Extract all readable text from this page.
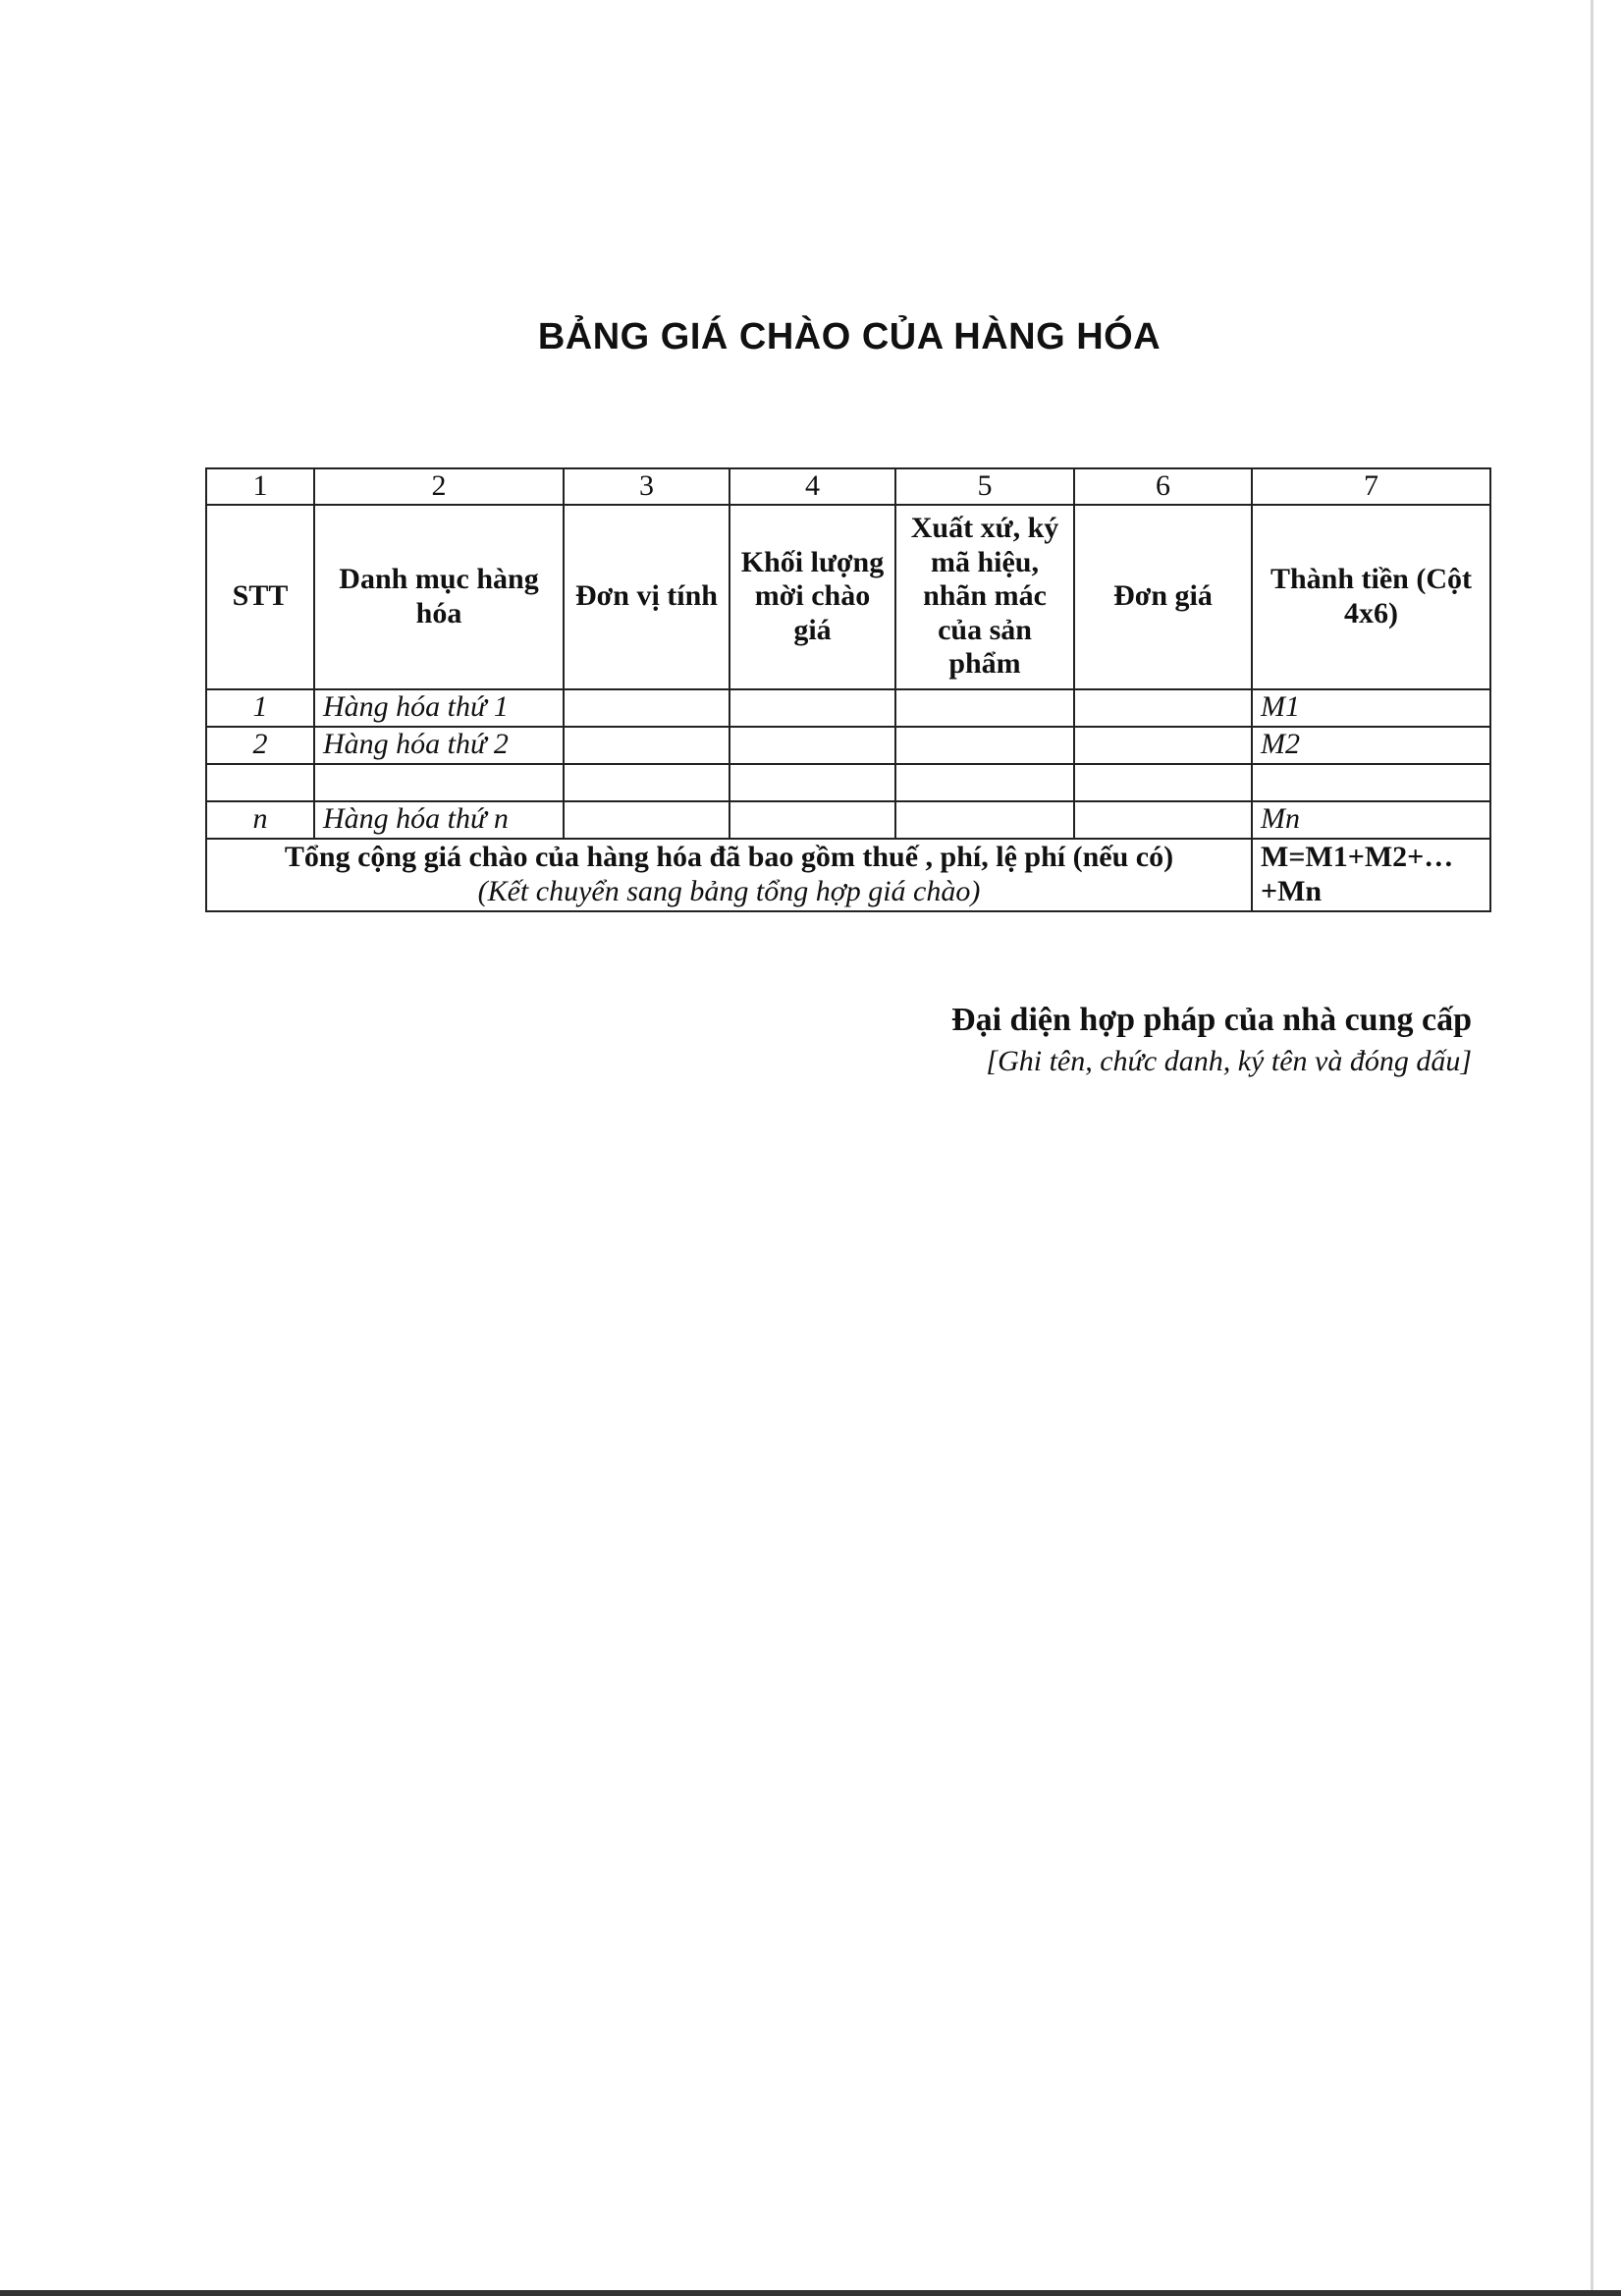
BẢNG GIÁ CHÀO CỦA HÀNG HÓA
1	2	3	4	5	6	7
STT	Danh mục hàng hóa	Đơn vị tính	Khối lượng mời chào giá	Xuất xứ, ký mã hiệu, nhãn mác của sản phẩm	Đơn giá	Thành tiền (Cột 4x6)
1	Hàng hóa thứ 1					M1
2	Hàng hóa thứ 2					M2

n	Hàng hóa thứ n					Mn

Tổng cộng giá chào của hàng hóa đã bao gồm thuế , phí, lệ phí (nếu có)
(Kết chuyển sang bảng tổng hợp giá chào)						M=M1+M2+…+Mn
Đại diện hợp pháp của nhà cung cấp
[Ghi tên, chức danh, ký tên và đóng dấu]
